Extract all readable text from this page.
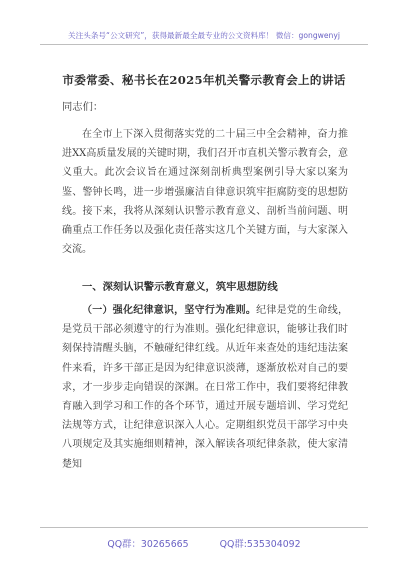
关注头条号“公文研究”，获得最新最全最专业的公文资料库！ 微信：gongwenyj
市委常委、秘书长在2025年机关警示教育会上的讲话
同志们：

在全市上下深入贯彻落实党的二十届三中全会精神，奋力推进XX高质量发展的关键时期，我们召开市直机关警示教育会，意义重大。此次会议旨在通过深刻剖析典型案例引导大家以案为鉴、警钟长鸣，进一步增强廉洁自律意识筑牢拒腐防变的思想防线。接下来，我将从深刻认识警示教育意义、剖析当前问题、明确重点工作任务以及强化责任落实这几个关键方面，与大家深入交流。

一、深刻认识警示教育意义，筑牢思想防线

（一）强化纪律意识，坚守行为准则。纪律是党的生命线，是党员干部必须遵守的行为准则。强化纪律意识，能够让我们时刻保持清醒头脑，不触碰纪律红线。从近年来查处的违纪违法案件来看，许多干部正是因为纪律意识淡薄，逐渐放松对自己的要求，才一步步走向错误的深渊。在日常工作中，我们要将纪律教育融入到学习和工作的各个环节，通过开展专题培训、学习党纪法规等方式，让纪律意识深入人心。定期组织党员干部学习中央八项规定及其实施细则精神，深入解读各项纪律条款，使大家清楚知

QQ群：30265665	QQ群:535304092
